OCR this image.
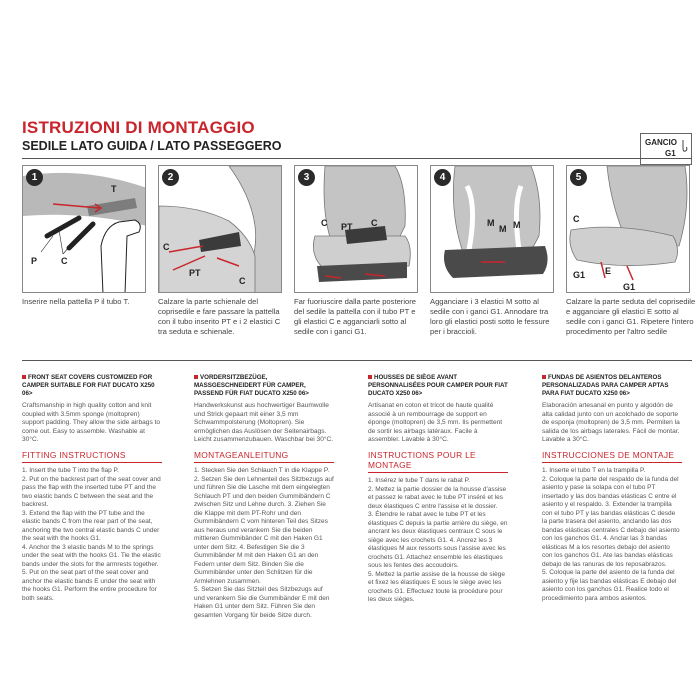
ISTRUZIONI DI MONTAGGIO
SEDILE LATO GUIDA / LATO PASSEGGERO	GANCIO
G1
1
T
P	C
2
C
PT
C
3
C PT C
4
M
M M
5
C
E
G1
G1
Inserire nella pattella P il tubo T.	Calzare la parte schienale del coprisedile e fare passare la pattella con il tubo inserito PT e i 2 elastici C tra seduta e schienale.
Far fuoriuscire dalla parte posteriore del sedile la pattella con il tubo PT e gli elastici C e agganciarli sotto al sedile con i ganci G1.
Agganciare i 3 elastici M sotto al sedile con i ganci G1. Annodare tra loro gli elastici posti sotto le fessure per i braccioli.
Calzare la parte seduta del coprisedile e agganciare gli elastici E sotto al sedile con i ganci G1. Ripetere l'intero procedimento per l'altro sedile
FRONT SEAT COVERS CUSTOMIZED FOR CAMPER SUITABLE FOR FIAT DUCATO X250 06>
Craftsmanship in high quality cotton and knit coupled with 3.5mm sponge (moltopren) support padding. They allow the side airbags to come out. Easy to assemble. Washable at 30°C.
VORDERSITZBEZÜGE, MASSGESCHNEIDERT FÜR CAMPER, PASSEND FÜR FIAT DUCATO X250 06>
Handwerkskunst aus hochwertiger Baumwolle und Strick gepaart mit einer 3,5 mm Schwammpolsterung (Moltopren). Sie ermöglichen das Auslösen der Seitenairbags. Leicht zusammenzubauen. Waschbar bei 30°C.
HOUSSES DE SIÈGE AVANT PERSONNALISÉES POUR CAMPER POUR FIAT DUCATO X250 06>
Artisanat en coton et tricot de haute qualité associé à un rembourrage de support en éponge (moltopren) de 3,5 mm. Ils permettent de sortir les airbags latéraux. Facile à assembler. Lavable à 30°C.
FUNDAS DE ASIENTOS DELANTEROS PERSONALIZADAS PARA CAMPER APTAS PARA FIAT DUCATO X250 06>
Elaboración artesanal en punto y algodón de alta calidad junto con un acolchado de soporte de esponja (moltopren) de 3,5 mm. Permiten la salida de los airbags laterales. Fácil de montar. Lavable a 30°C.
FITTING INSTRUCTIONS
1. Insert the tube T into the flap P.
2. Put on the backrest part of the seat cover and pass the flap with the inserted tube PT and the two elastic bands C between the seat and the backrest.
3. Extend the flap with the PT tube and the elastic bands C from the rear part of the seat, anchoring the two central elastic bands C under the seat with the hooks G1.
4. Anchor the 3 elastic bands M to the springs under the seat with the hooks G1. Tie the elastic bands under the slots for the armrests together.
5. Put on the seat part of the seat cover and anchor the elastic bands E under the seat with the hooks G1. Perform the entire procedure for both seats.
MONTAGEANLEITUNG
1. Stecken Sie den Schlauch T in die Klappe P.
2. Setzen Sie den Lehnenteil des Sitzbezugs auf und führen Sie die Lasche mit dem eingelegten Schlauch PT und den beiden Gummibändern C zwischen Sitz und Lehne durch. 3. Ziehen Sie die Klappe mit dem PT-Rohr und den Gummibändern C vom hinteren Teil des Sitzes aus heraus und verankern Sie die beiden mittleren Gummibänder C mit den Haken G1 unter dem Sitz. 4. Befestigen Sie die 3 Gummibänder M mit den Haken G1 an den Federn unter dem Sitz. Binden Sie die Gummibänder unter den Schlitzen für die Armlehnen zusammen.
5. Setzen Sie das Sitzteil des Sitzbezugs auf und verankern Sie die Gummibänder E mit den Haken G1 unter dem Sitz. Führen Sie den gesamten Vorgang für beide Sitze durch.
INSTRUCTIONS POUR LE MONTAGE
1. Insérez le tube T dans le rabat P.
2. Mettez la partie dossier de la housse d'assise et passez le rabat avec le tube PT inséré et les deux élastiques C entre l'assise et le dossier.
3. Étendre le rabat avec le tube PT et les élastiques C depuis la partie arrière du siège, en ancrant les deux élastiques centraux C sous le siège avec les crochets G1. 4. Ancrez les 3 élastiques M aux ressorts sous l'assise avec les crochets G1. Attachez ensemble les élastiques sous les fentes des accoudoirs.
5. Mettez la partie assise de la housse de siège et fixez les élastiques E sous le siège avec les crochets G1. Effectuez toute la procédure pour les deux sièges.
INSTRUCCIONES DE MONTAJE
1. Inserte el tubo T en la trampilla P.
2. Coloque la parte del respaldo de la funda del asiento y pase la solapa con el tubo PT insertado y las dos bandas elásticas C entre el asiento y el respaldo. 3. Extender la trampilla con el tubo PT y las bandas elásticas C desde la parte trasera del asiento, anclando las dos bandas elásticas centrales C debajo del asiento con los ganchos G1. 4. Anclar las 3 bandas elásticas M a los resortes debajo del asiento con los ganchos G1. Ate las bandas elásticas debajo de las ranuras de los reposabrazos.
5. Coloque la parte del asiento de la funda del asiento y fije las bandas elásticas E debajo del asiento con los ganchos G1. Realice todo el procedimiento para ambos asientos.
